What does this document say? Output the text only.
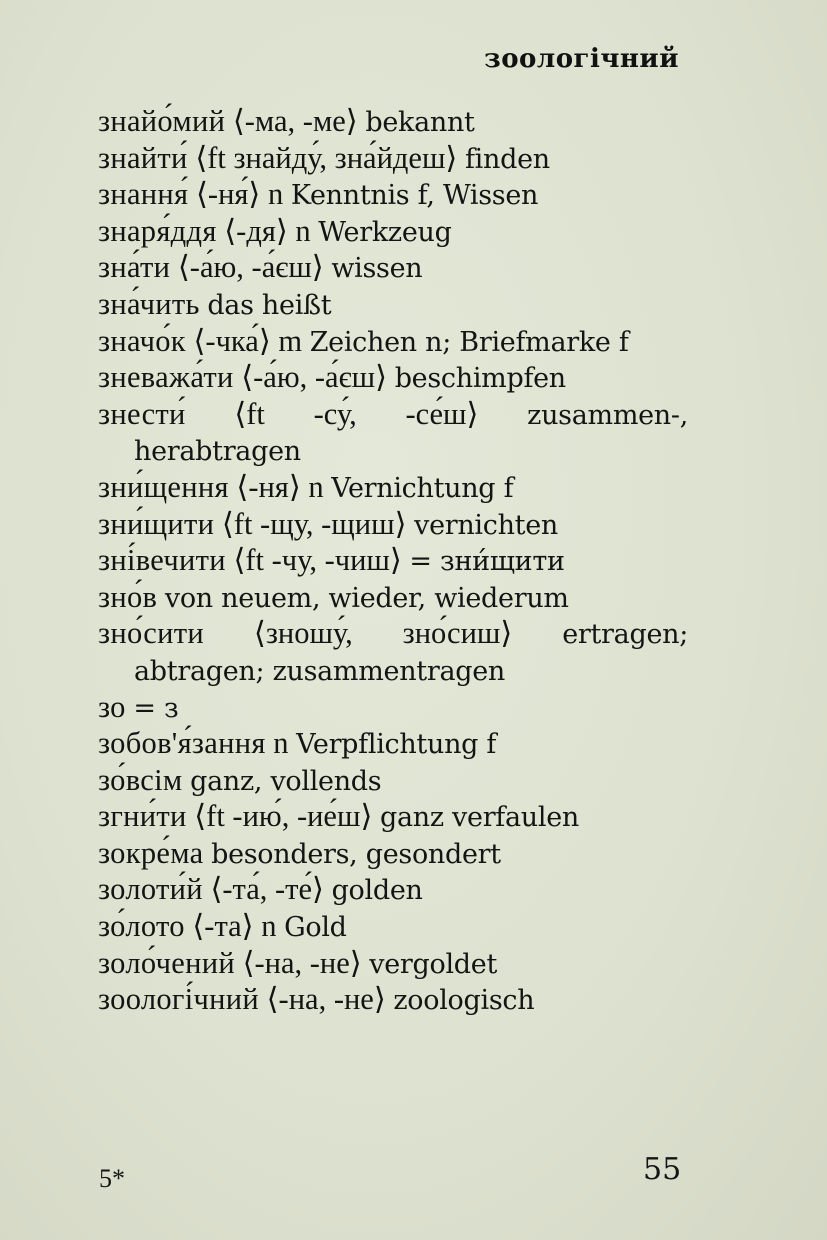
зоологічний
знайо́мий ⟨-ма, -ме⟩ bekannt
знайти́ ⟨ft знайду́, зна́йдеш⟩ finden
знання́ ⟨-ня́⟩ n Kenntnis f, Wissen
знаря́ддя ⟨-дя⟩ n Werkzeug
зна́ти ⟨-а́ю, -а́єш⟩ wissen
зна́чить das heißt
значо́к ⟨-чка́⟩ m Zeichen n; Briefmarke f
зневажа́ти ⟨-а́ю, -а́єш⟩ beschimpfen
знести́ ⟨ft -су́, -се́ш⟩ zusammen-, herabtragen
зни́щення ⟨-ня⟩ n Vernichtung f
зни́щити ⟨ft -щу, -щиш⟩ vernichten
зні́вечити ⟨ft -чу, -чиш⟩ = зни́щити
зно́в von neuem, wieder, wiederum
зно́сити ⟨зношу́, зно́сиш⟩ ertragen; abtragen; zusammentragen
зо = з
зобов'я́зання n Verpflichtung f
зо́всім ganz, vollends
згни́ти ⟨ft -ию́, -ие́ш⟩ ganz verfaulen
зокре́ма besonders, gesondert
золоти́й ⟨-та́, -те́⟩ golden
зо́лото ⟨-та⟩ n Gold
золо́чений ⟨-на, -не⟩ vergoldet
зоологі́чний ⟨-на, -не⟩ zoologisch
5*	55
